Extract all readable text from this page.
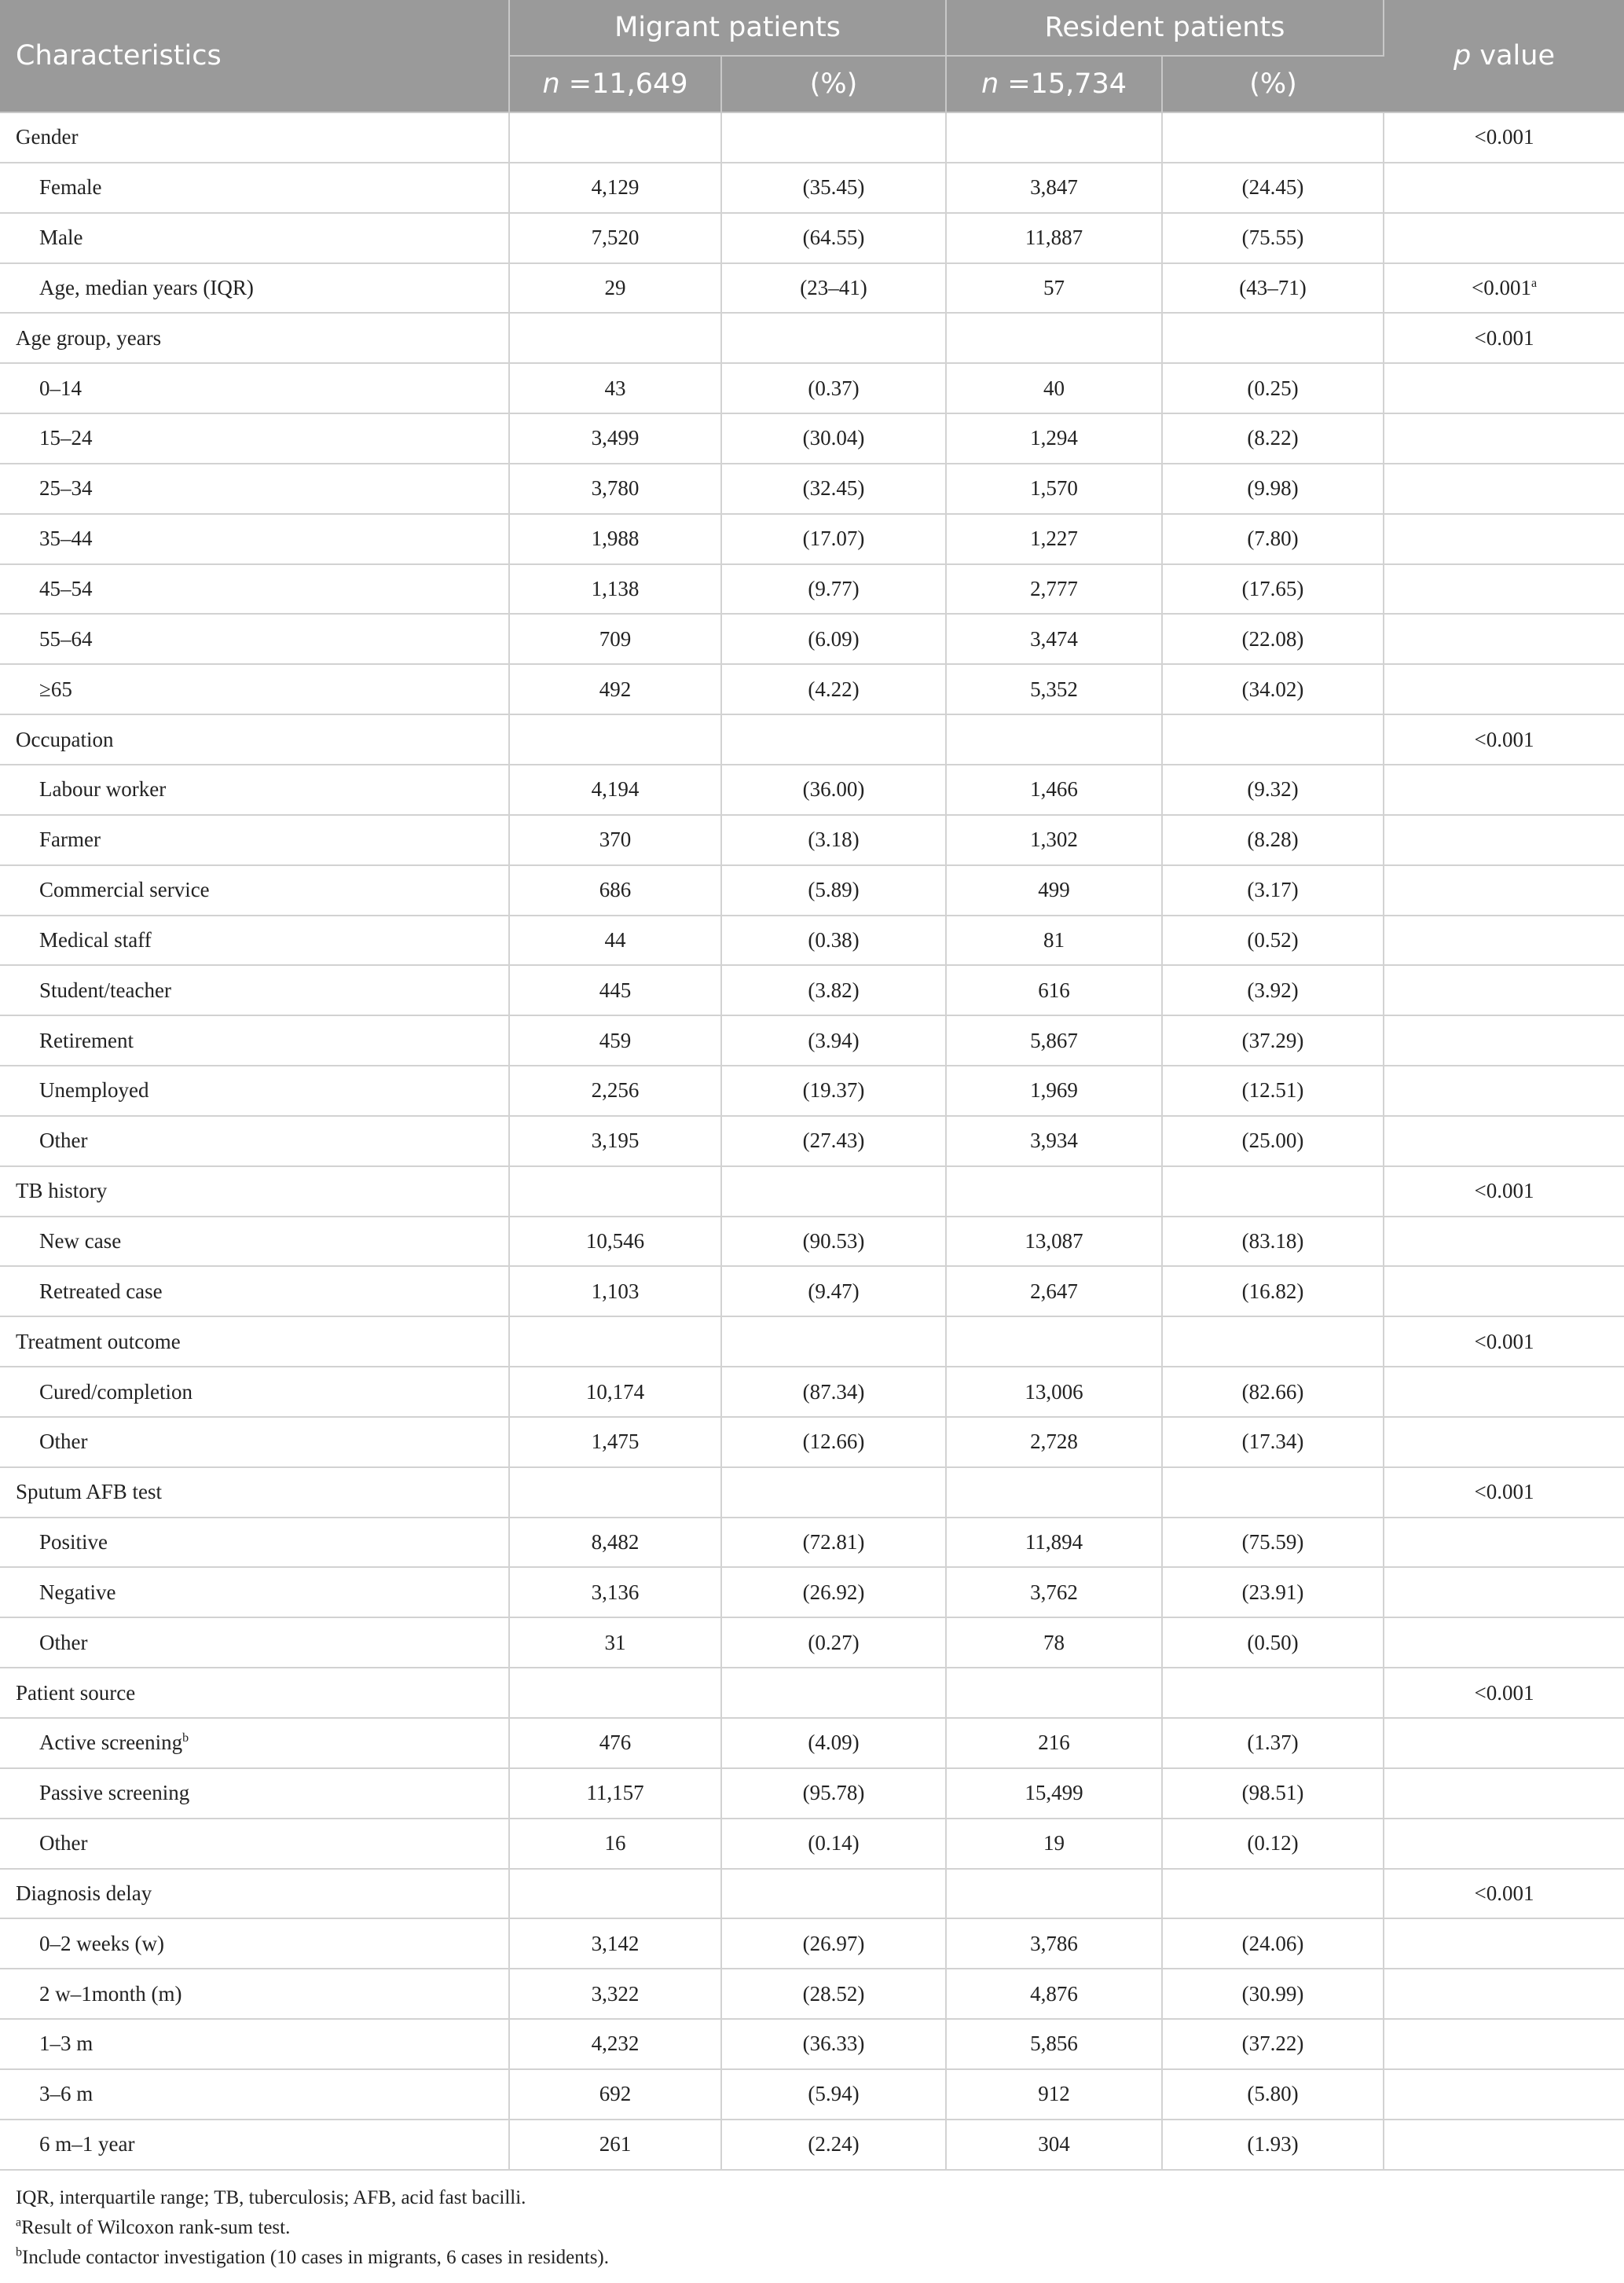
Characteristics	Migrant patients		Resident patients		p value
	n =11,649	(%)	n =15,734	(%)	
Gender					<0.001
Female	4,129	(35.45)	3,847	(24.45)	
Male	7,520	(64.55)	11,887	(75.55)	
Age, median years (IQR)	29	(23–41)	57	(43–71)	<0.001$^a$
Age group, years					<0.001
0–14	43	(0.37)	40	(0.25)	
15–24	3,499	(30.04)	1,294	(8.22)	
25–34	3,780	(32.45)	1,570	(9.98)	
35–44	1,988	(17.07)	1,227	(7.80)	
45–54	1,138	(9.77)	2,777	(17.65)	
55–64	709	(6.09)	3,474	(22.08)	
≥65	492	(4.22)	5,352	(34.02)	
Occupation					<0.001
Labour worker	4,194	(36.00)	1,466	(9.32)	
Farmer	370	(3.18)	1,302	(8.28)	
Commercial service	686	(5.89)	499	(3.17)	
Medical staff	44	(0.38)	81	(0.52)	
Student/teacher	445	(3.82)	616	(3.92)	
Retirement	459	(3.94)	5,867	(37.29)	
Unemployed	2,256	(19.37)	1,969	(12.51)	
Other	3,195	(27.43)	3,934	(25.00)	
TB history					<0.001
New case	10,546	(90.53)	13,087	(83.18)	
Retreated case	1,103	(9.47)	2,647	(16.82)	
Treatment outcome					<0.001
Cured/completion	10,174	(87.34)	13,006	(82.66)	
Other	1,475	(12.66)	2,728	(17.34)	
Sputum AFB test					<0.001
Positive	8,482	(72.81)	11,894	(75.59)	
Negative	3,136	(26.92)	3,762	(23.91)	
Other	31	(0.27)	78	(0.50)	
Patient source					<0.001
Active screening$^b$	476	(4.09)	216	(1.37)	
Passive screening	11,157	(95.78)	15,499	(98.51)	
Other	16	(0.14)	19	(0.12)	
Diagnosis delay					<0.001
0–2 weeks (w)	3,142	(26.97)	3,786	(24.06)	
2 w–1month (m)	3,322	(28.52)	4,876	(30.99)	
1–3 m	4,232	(36.33)	5,856	(37.22)	
3–6 m	692	(5.94)	912	(5.80)	
6 m–1 year	261	(2.24)	304	(1.93)	
IQR, interquartile range; TB, tuberculosis; AFB, acid fast bacilli.
$^a$Result of Wilcoxon rank-sum test.
$^b$Include contactor investigation (10 cases in migrants, 6 cases in residents).
